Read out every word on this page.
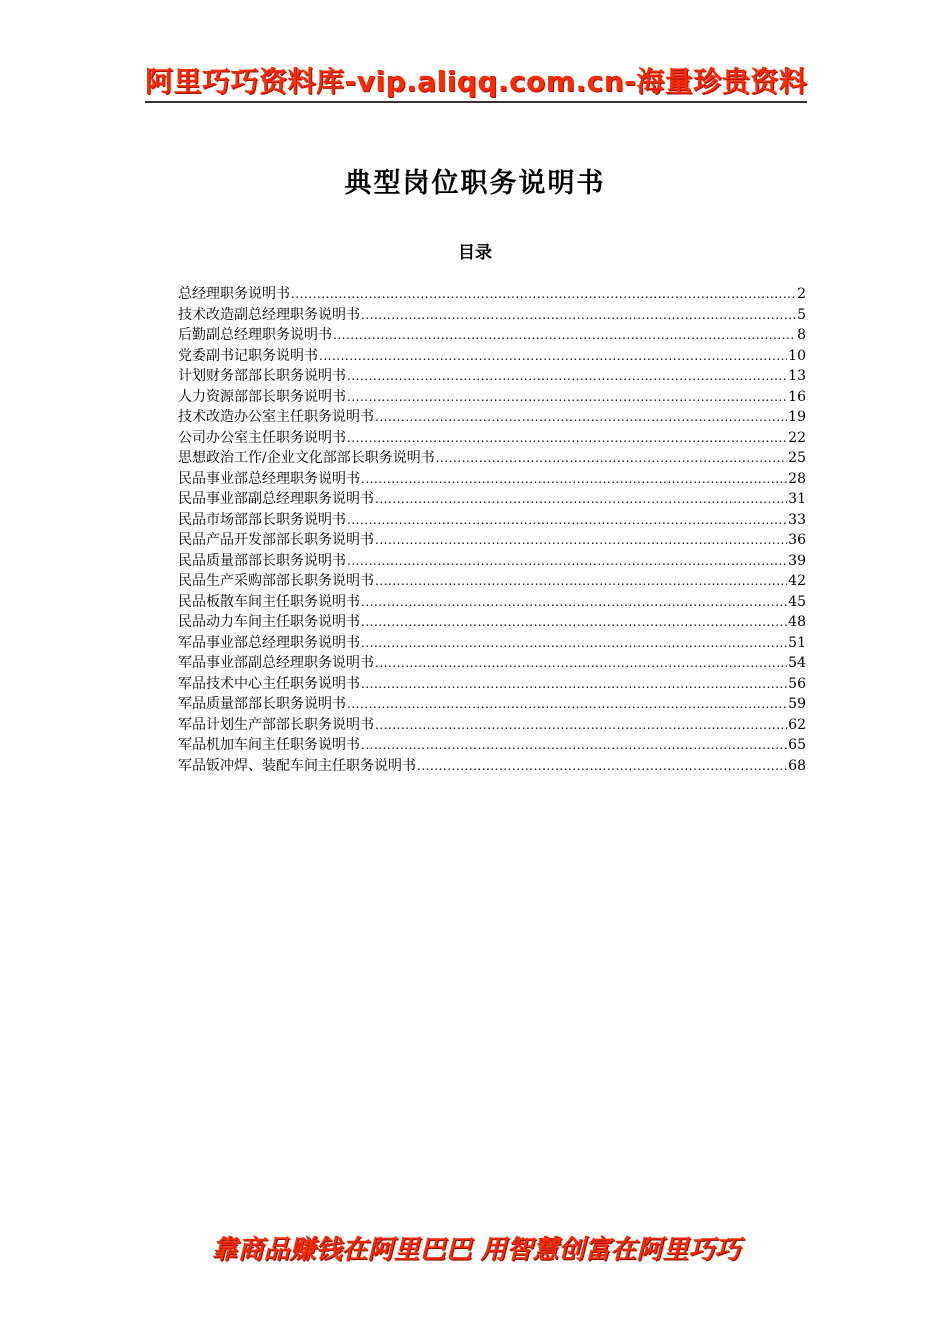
阿里巧巧资料库-vip.aliqq.com.cn-海量珍贵资料
典型岗位职务说明书
目录
总经理职务说明书 .....	2
技术改造副总经理职务说明书 .....	5
后勤副总经理职务说明书 .....	8
党委副书记职务说明书 .....	10
计划财务部部长职务说明书 .....	13
人力资源部部长职务说明书 .....	16
技术改造办公室主任职务说明书 .....	19
公司办公室主任职务说明书 .....	22
思想政治工作/企业文化部部长职务说明书 .....	25
民品事业部总经理职务说明书 .....	28
民品事业部副总经理职务说明书 .....	31
民品市场部部长职务说明书 .....	33
民品产品开发部部长职务说明书 .....	36
民品质量部部长职务说明书 .....	39
民品生产采购部部长职务说明书 .....	42
民品板散车间主任职务说明书 .....	45
民品动力车间主任职务说明书 .....	48
军品事业部总经理职务说明书 .....	51
军品事业部副总经理职务说明书 .....	54
军品技术中心主任职务说明书 .....	56
军品质量部部长职务说明书 .....	59
军品计划生产部部长职务说明书 .....	62
军品机加车间主任职务说明书 .....	65
军品钣冲焊、装配车间主任职务说明书 .....	68
靠商品赚钱在阿里巴巴 用智慧创富在阿里巧巧
